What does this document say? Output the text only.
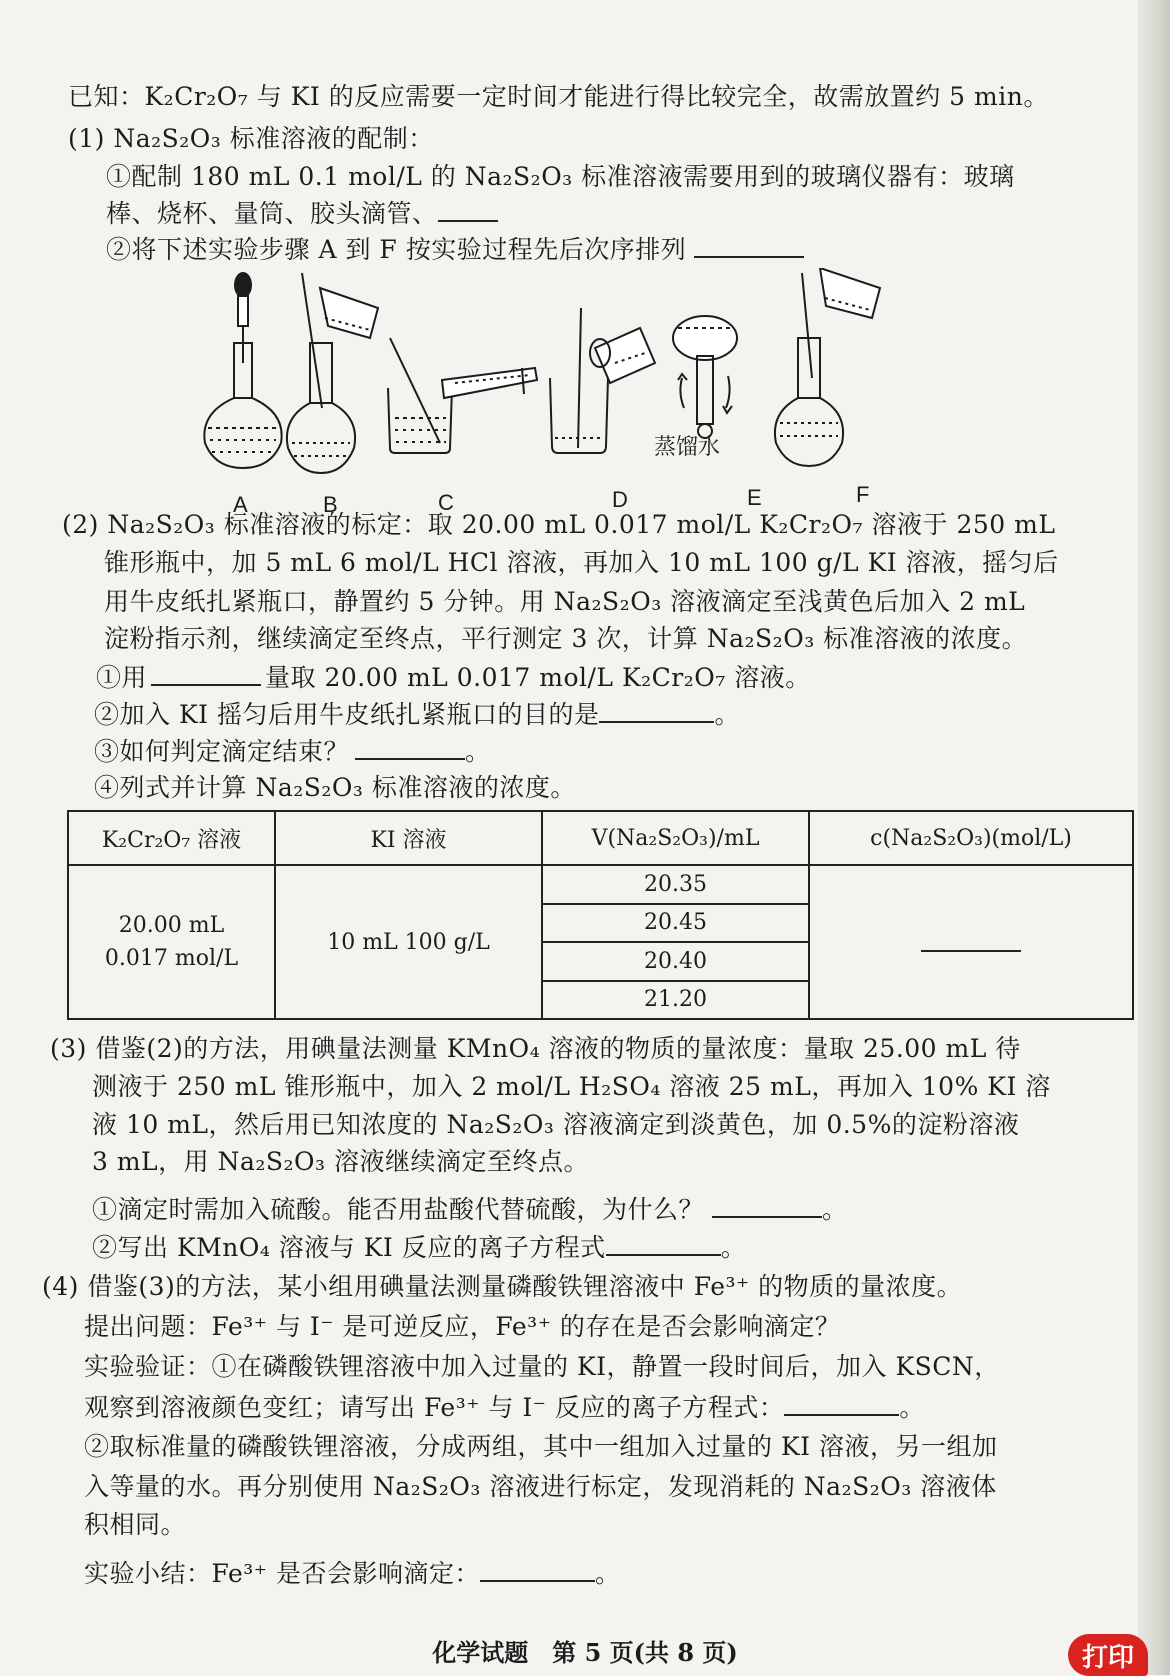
已知：K₂Cr₂O₇ 与 KI 的反应需要一定时间才能进行得比较完全，故需放置约 5 min。
(1) Na₂S₂O₃ 标准溶液的配制：
①配制 180 mL 0.1 mol/L 的 Na₂S₂O₃ 标准溶液需要用到的玻璃仪器有：玻璃
棒、烧杯、量筒、胶头滴管、
②将下述实验步骤 A 到 F 按实验过程先后次序排列
A	B	C	D	E	F
蒸馏水
(2) Na₂S₂O₃ 标准溶液的标定：取 20.00 mL 0.017 mol/L K₂Cr₂O₇ 溶液于 250 mL
锥形瓶中，加 5 mL 6 mol/L HCl 溶液，再加入 10 mL 100 g/L KI 溶液，摇匀后
用牛皮纸扎紧瓶口，静置约 5 分钟。用 Na₂S₂O₃ 溶液滴定至浅黄色后加入 2 mL
淀粉指示剂，继续滴定至终点，平行测定 3 次，计算 Na₂S₂O₃ 标准溶液的浓度。
①用	量取 20.00 mL 0.017 mol/L K₂Cr₂O₇ 溶液。
②加入 KI 摇匀后用牛皮纸扎紧瓶口的目的是	。
③如何判定滴定结束？	。
④列式并计算 Na₂S₂O₃ 标准溶液的浓度。
K₂Cr₂O₇ 溶液	KI 溶液	V(Na₂S₂O₃)/mL	c(Na₂S₂O₃)(mol/L)

20.00 mL
0.017 mol/L	10 mL 100 g/L	20.35	
		20.45	
		20.40	
		21.20	
(3) 借鉴(2)的方法，用碘量法测量 KMnO₄ 溶液的物质的量浓度：量取 25.00 mL 待
测液于 250 mL 锥形瓶中，加入 2 mol/L H₂SO₄ 溶液 25 mL，再加入 10% KI 溶
液 10 mL，然后用已知浓度的 Na₂S₂O₃ 溶液滴定到淡黄色，加 0.5%的淀粉溶液
3 mL，用 Na₂S₂O₃ 溶液继续滴定至终点。
①滴定时需加入硫酸。能否用盐酸代替硫酸，为什么？	。
②写出 KMnO₄ 溶液与 KI 反应的离子方程式	。
(4) 借鉴(3)的方法，某小组用碘量法测量磷酸铁锂溶液中 Fe³⁺ 的物质的量浓度。
提出问题：Fe³⁺ 与 I⁻ 是可逆反应，Fe³⁺ 的存在是否会影响滴定？
实验验证：①在磷酸铁锂溶液中加入过量的 KI，静置一段时间后，加入 KSCN，
观察到溶液颜色变红；请写出 Fe³⁺ 与 I⁻ 反应的离子方程式：	。
②取标准量的磷酸铁锂溶液，分成两组，其中一组加入过量的 KI 溶液，另一组加
入等量的水。再分别使用 Na₂S₂O₃ 溶液进行标定，发现消耗的 Na₂S₂O₃ 溶液体
积相同。
实验小结：Fe³⁺ 是否会影响滴定：	。
化学试题　第 5 页(共 8 页)	打印
